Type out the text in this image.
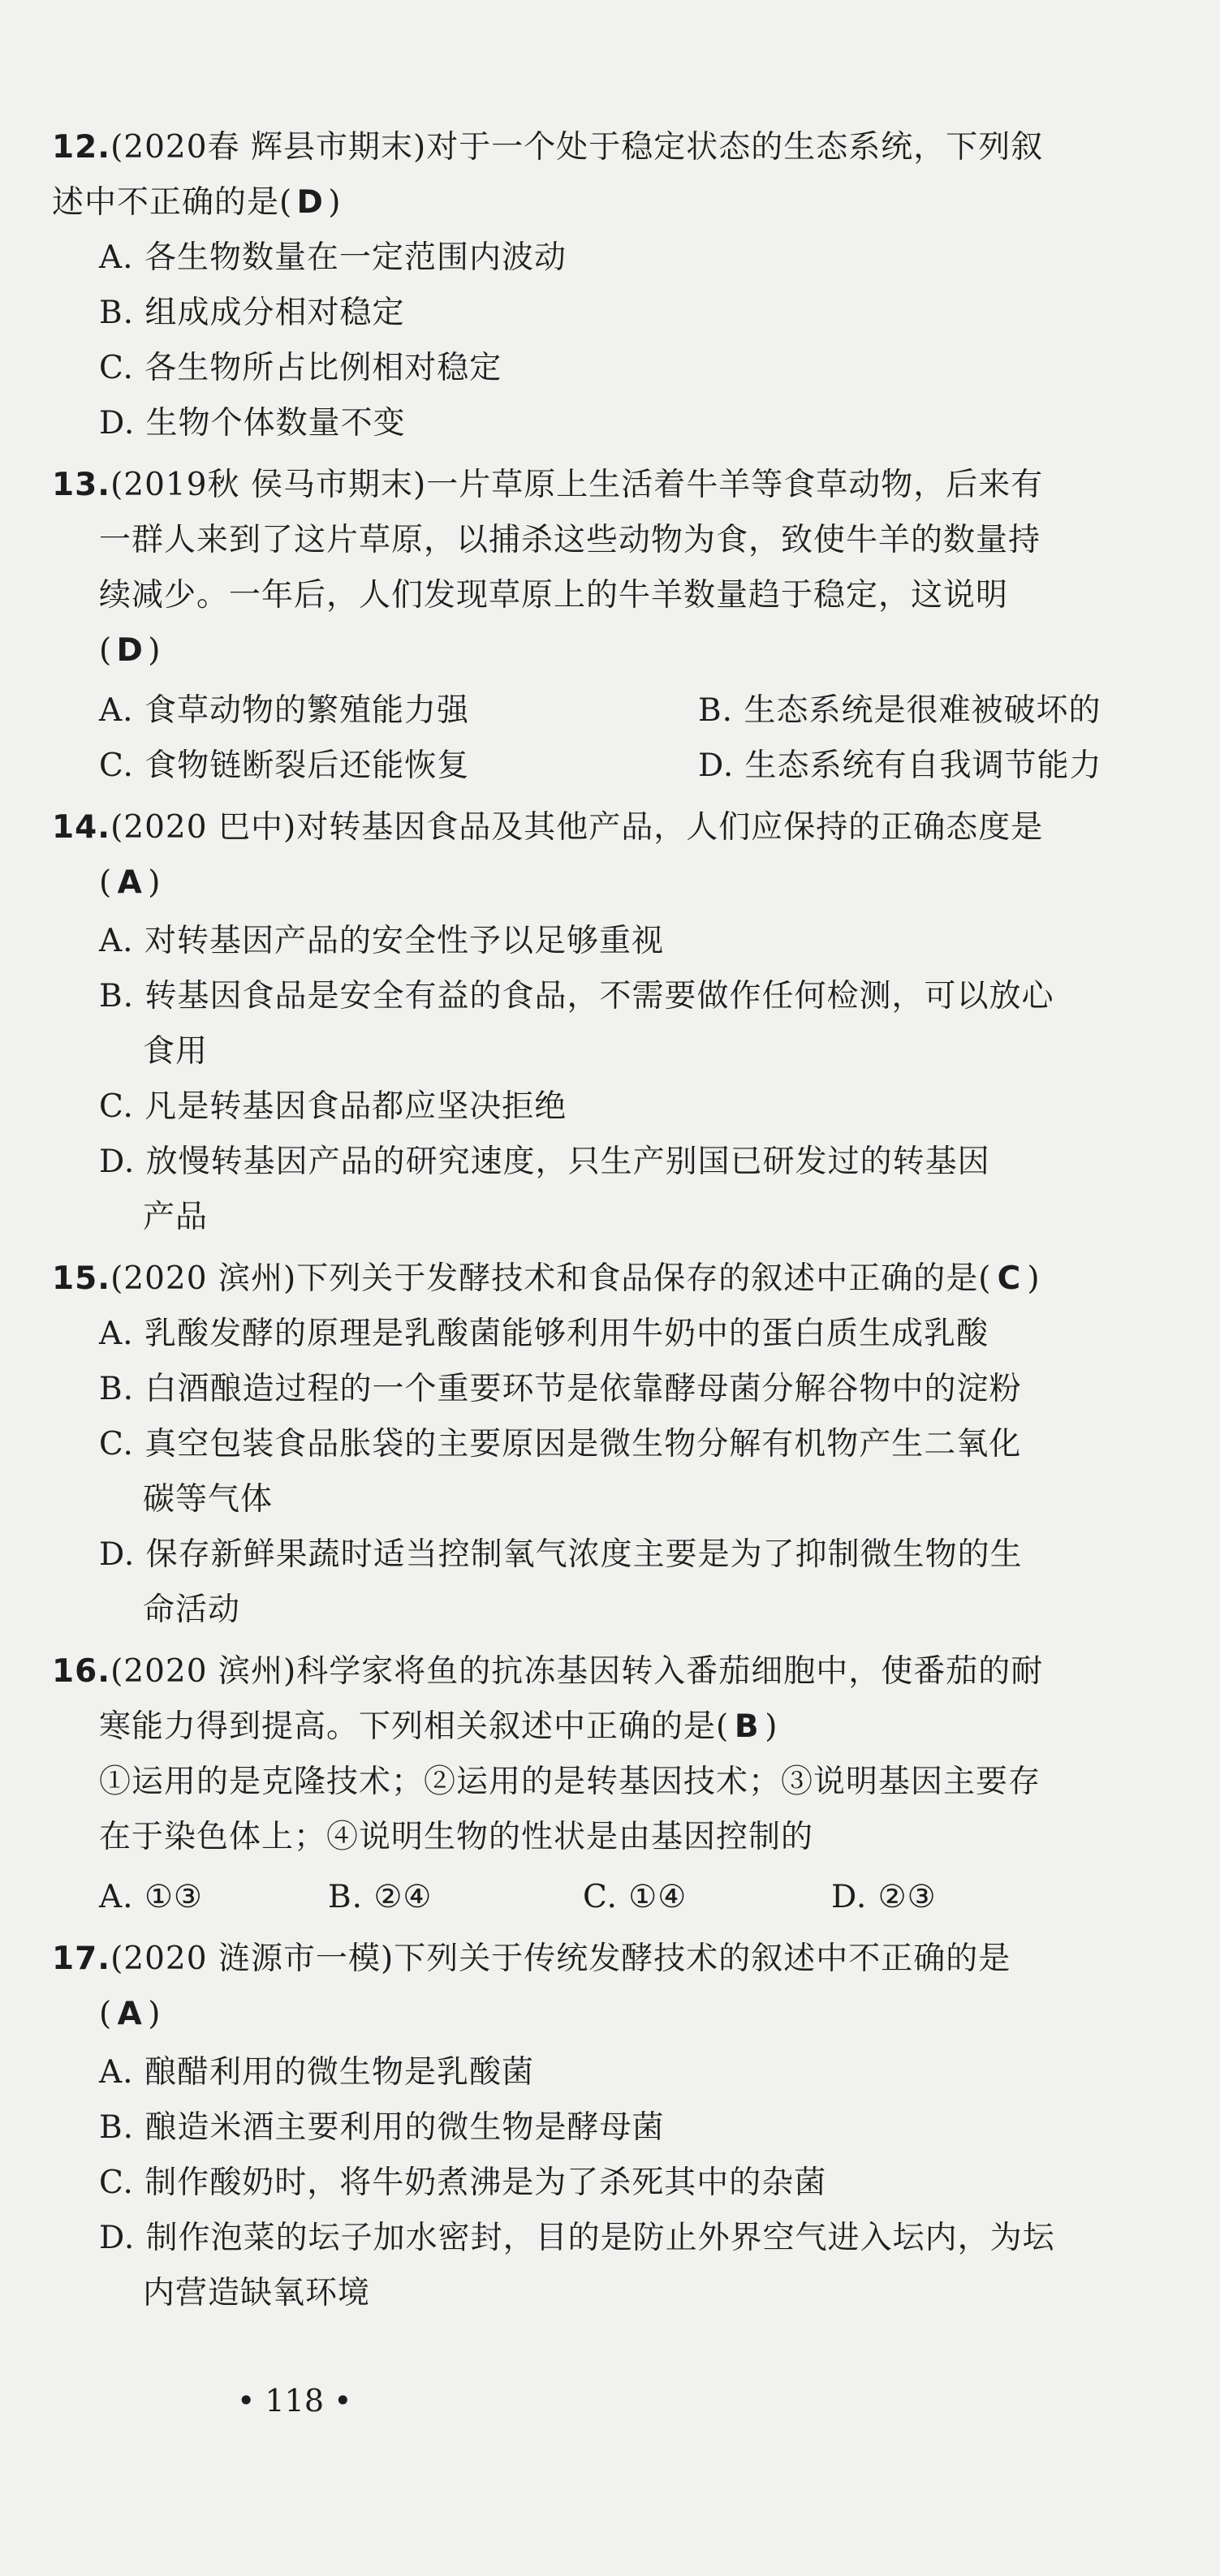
12.(2020春 辉县市期末)对于一个处于稳定状态的生态系统，下列叙
述中不正确的是( D )
A. 各生物数量在一定范围内波动
B. 组成成分相对稳定
C. 各生物所占比例相对稳定
D. 生物个体数量不变
13.(2019秋 侯马市期末)一片草原上生活着牛羊等食草动物，后来有
一群人来到了这片草原，以捕杀这些动物为食，致使牛羊的数量持
续减少。一年后，人们发现草原上的牛羊数量趋于稳定，这说明
( D )
A. 食草动物的繁殖能力强	B. 生态系统是很难被破坏的
C. 食物链断裂后还能恢复	D. 生态系统有自我调节能力
14.(2020 巴中)对转基因食品及其他产品，人们应保持的正确态度是
( A )
A. 对转基因产品的安全性予以足够重视
B. 转基因食品是安全有益的食品，不需要做作任何检测，可以放心
食用
C. 凡是转基因食品都应坚决拒绝
D. 放慢转基因产品的研究速度，只生产别国已研发过的转基因
产品
15.(2020 滨州)下列关于发酵技术和食品保存的叙述中正确的是( C )
A. 乳酸发酵的原理是乳酸菌能够利用牛奶中的蛋白质生成乳酸
B. 白酒酿造过程的一个重要环节是依靠酵母菌分解谷物中的淀粉
C. 真空包装食品胀袋的主要原因是微生物分解有机物产生二氧化
碳等气体
D. 保存新鲜果蔬时适当控制氧气浓度主要是为了抑制微生物的生
命活动
16.(2020 滨州)科学家将鱼的抗冻基因转入番茄细胞中，使番茄的耐
寒能力得到提高。下列相关叙述中正确的是( B )
①运用的是克隆技术；②运用的是转基因技术；③说明基因主要存
在于染色体上；④说明生物的性状是由基因控制的
A. ①③	B. ②④	C. ①④	D. ②③
17.(2020 涟源市一模)下列关于传统发酵技术的叙述中不正确的是
( A )
A. 酿醋利用的微生物是乳酸菌
B. 酿造米酒主要利用的微生物是酵母菌
C. 制作酸奶时，将牛奶煮沸是为了杀死其中的杂菌
D. 制作泡菜的坛子加水密封，目的是防止外界空气进入坛内，为坛
内营造缺氧环境
• 118 •
